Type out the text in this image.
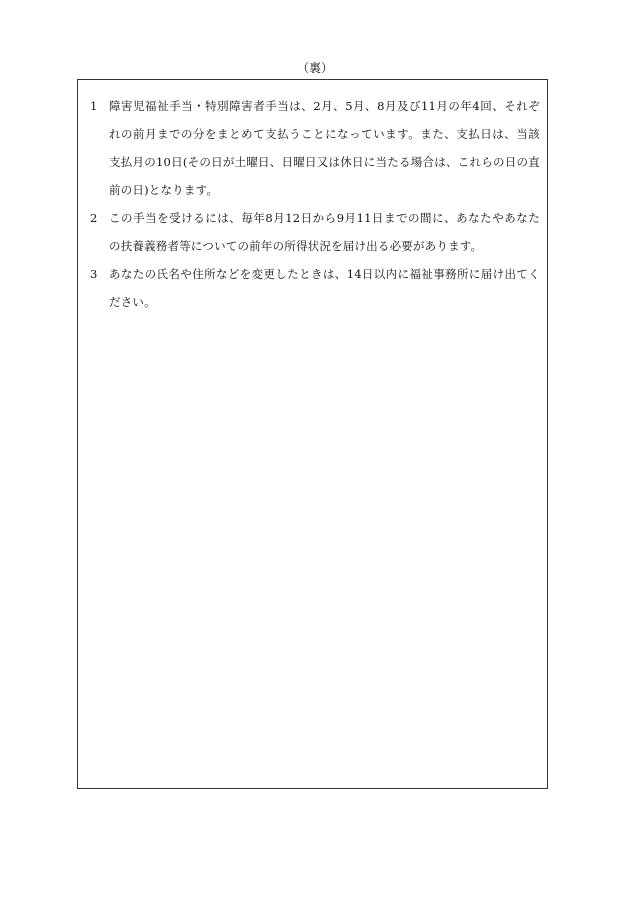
（裏）
1 障害児福祉手当・特別障害者手当は、2月、5月、8月及び11月の年4回、それぞれの前月までの分をまとめて支払うことになっています。また、支払日は、当該支払月の10日(その日が土曜日、日曜日又は休日に当たる場合は、これらの日の直前の日)となります。
2 この手当を受けるには、毎年8月12日から9月11日までの間に、あなたやあなたの扶養義務者等についての前年の所得状況を届け出る必要があります。
3 あなたの氏名や住所などを変更したときは、14日以内に福祉事務所に届け出てください。
